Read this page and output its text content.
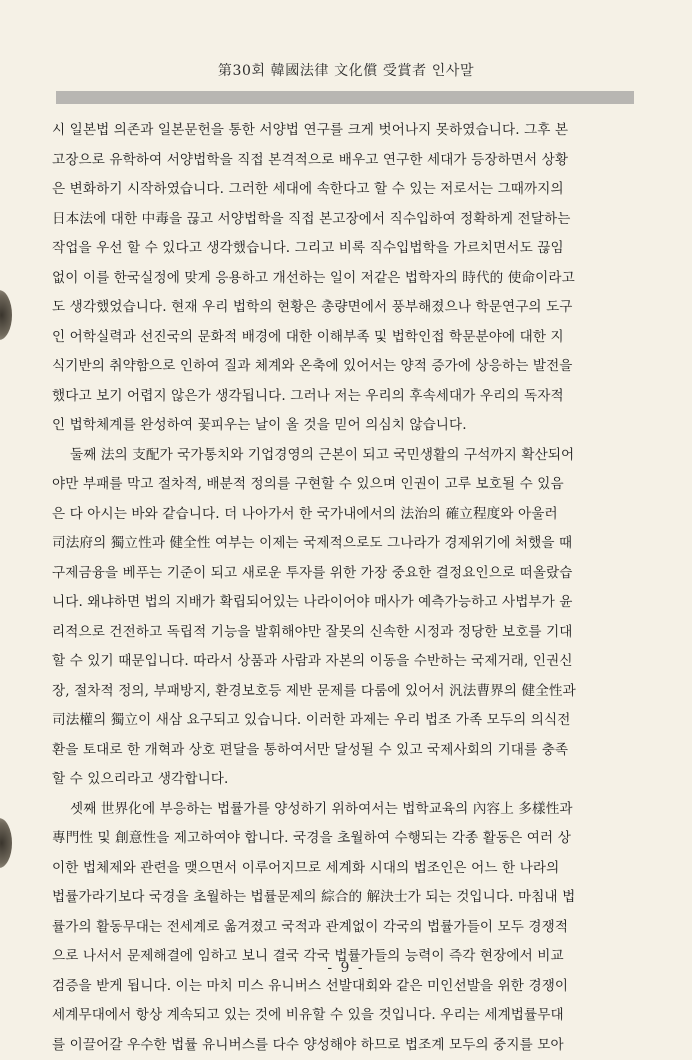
第30회 韓國法律 文化償 受賞者 인사말
시 일본법 의존과 일본문헌을 통한 서양법 연구를 크게 벗어나지 못하였습니다. 그후 본
고장으로 유학하여 서양법학을 직접 본격적으로 배우고 연구한 세대가 등장하면서 상황
은 변화하기 시작하였습니다. 그러한 세대에 속한다고 할 수 있는 저로서는 그때까지의
日本法에 대한 中毒을 끊고 서양법학을 직접 본고장에서 직수입하여 정확하게 전달하는
작업을 우선 할 수 있다고 생각했습니다. 그리고 비록 직수입법학을 가르치면서도 끊임
없이 이를 한국실정에 맞게 응용하고 개선하는 일이 저같은 법학자의 時代的 使命이라고
도 생각했었습니다. 현재 우리 법학의 현황은 총량면에서 풍부해졌으나 학문연구의 도구
인 어학실력과 선진국의 문화적 배경에 대한 이해부족 및 법학인접 학문분야에 대한 지
식기반의 취약함으로 인하여 질과 체계와 온축에 있어서는 양적 증가에 상응하는 발전을
했다고 보기 어렵지 않은가 생각됩니다. 그러나 저는 우리의 후속세대가 우리의 독자적
인 법학체계를 완성하여 꽃피우는 날이 올 것을 믿어 의심치 않습니다.
둘째 法의 支配가 국가통치와 기업경영의 근본이 되고 국민생활의 구석까지 확산되어
야만 부패를 막고 절차적, 배분적 정의를 구현할 수 있으며 인권이 고루 보호될 수 있음
은 다 아시는 바와 같습니다. 더 나아가서 한 국가내에서의 法治의 確立程度와 아울러
司法府의 獨立性과 健全性 여부는 이제는 국제적으로도 그나라가 경제위기에 처했을 때
구제금융을 베푸는 기준이 되고 새로운 투자를 위한 가장 중요한 결정요인으로 떠올랐습
니다. 왜냐하면 법의 지배가 확립되어있는 나라이어야 매사가 예측가능하고 사법부가 윤
리적으로 건전하고 독립적 기능을 발휘해야만 잘못의 신속한 시정과 정당한 보호를 기대
할 수 있기 때문입니다. 따라서 상품과 사람과 자본의 이동을 수반하는 국제거래, 인권신
장, 절차적 정의, 부패방지, 환경보호등 제반 문제를 다룸에 있어서 汎法曹界의 健全性과
司法權의 獨立이 새삼 요구되고 있습니다. 이러한 과제는 우리 법조 가족 모두의 의식전
환을 토대로 한 개혁과 상호 편달을 통하여서만 달성될 수 있고 국제사회의 기대를 충족
할 수 있으리라고 생각합니다.
셋째 世界化에 부응하는 법률가를 양성하기 위하여서는 법학교육의 內容上 多樣性과
專門性 및 創意性을 제고하여야 합니다. 국경을 초월하여 수행되는 각종 활동은 여러 상
이한 법체제와 관련을 맺으면서 이루어지므로 세계화 시대의 법조인은 어느 한 나라의
법률가라기보다 국경을 초월하는 법률문제의 綜合的 解決士가 되는 것입니다. 마침내 법
률가의 활동무대는 전세계로 옮겨졌고 국적과 관계없이 각국의 법률가들이 모두 경쟁적
으로 나서서 문제해결에 임하고 보니 결국 각국 법률가들의 능력이 즉각 현장에서 비교
검증을 받게 됩니다. 이는 마치 미스 유니버스 선발대회와 같은 미인선발을 위한 경쟁이
세계무대에서 항상 계속되고 있는 것에 비유할 수 있을 것입니다. 우리는 세계법률무대
를 이끌어갈 우수한 법률 유니버스를 다수 양성해야 하므로 법조계 모두의 중지를 모아
- 9 -
